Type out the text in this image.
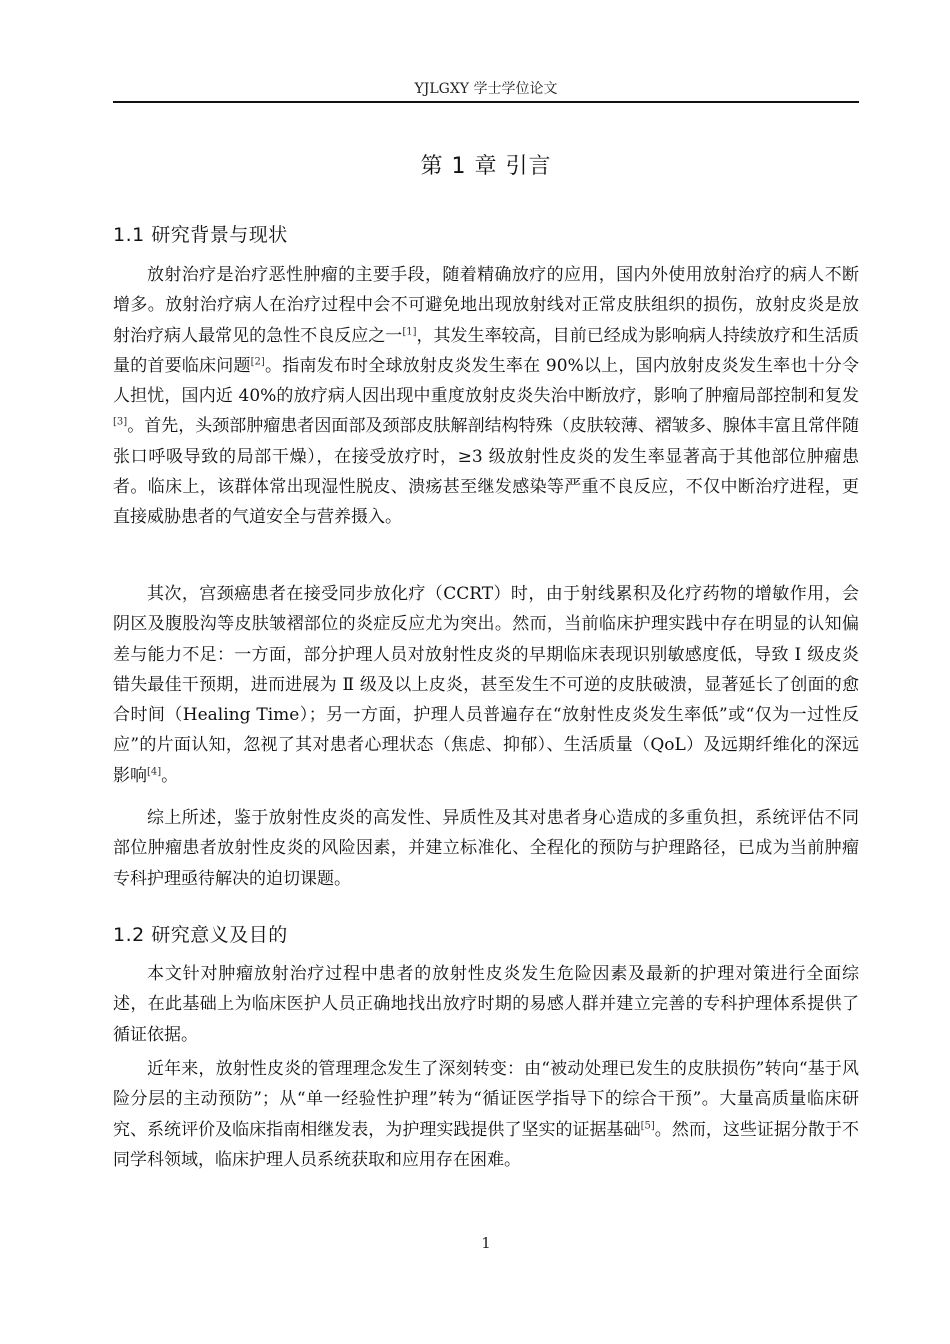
YJLGXY 学士学位论文
第 1 章 引言
1.1 研究背景与现状

放射治疗是治疗恶性肿瘤的主要手段，随着精确放疗的应用，国内外使用放射治疗的病人不断增多。放射治疗病人在治疗过程中会不可避免地出现放射线对正常皮肤组织的损伤，放射皮炎是放射治疗病人最常见的急性不良反应之一[1]，其发生率较高，目前已经成为影响病人持续放疗和生活质量的首要临床问题[2]。指南发布时全球放射皮炎发生率在 90%以上，国内放射皮炎发生率也十分令人担忧，国内近 40%的放疗病人因出现中重度放射皮炎失治中断放疗，影响了肿瘤局部控制和复发[3]。首先，头颈部肿瘤患者因面部及颈部皮肤解剖结构特殊（皮肤较薄、褶皱多、腺体丰富且常伴随张口呼吸导致的局部干燥），在接受放疗时，≥3 级放射性皮炎的发生率显著高于其他部位肿瘤患者。临床上，该群体常出现湿性脱皮、溃疡甚至继发感染等严重不良反应，不仅中断治疗进程，更直接威胁患者的气道安全与营养摄入。

其次，宫颈癌患者在接受同步放化疗（CCRT）时，由于射线累积及化疗药物的增敏作用，会阴区及腹股沟等皮肤皱褶部位的炎症反应尤为突出。然而，当前临床护理实践中存在明显的认知偏差与能力不足：一方面，部分护理人员对放射性皮炎的早期临床表现识别敏感度低，导致 Ⅰ 级皮炎错失最佳干预期，进而进展为 Ⅱ 级及以上皮炎，甚至发生不可逆的皮肤破溃，显著延长了创面的愈合时间（Healing Time）；另一方面，护理人员普遍存在“放射性皮炎发生率低”或“仅为一过性反应”的片面认知，忽视了其对患者心理状态（焦虑、抑郁）、生活质量（QoL）及远期纤维化的深远影响[4]。

综上所述，鉴于放射性皮炎的高发性、异质性及其对患者身心造成的多重负担，系统评估不同部位肿瘤患者放射性皮炎的风险因素，并建立标准化、全程化的预防与护理路径，已成为当前肿瘤专科护理亟待解决的迫切课题。

1.2 研究意义及目的

本文针对肿瘤放射治疗过程中患者的放射性皮炎发生危险因素及最新的护理对策进行全面综述，在此基础上为临床医护人员正确地找出放疗时期的易感人群并建立完善的专科护理体系提供了循证依据。

近年来，放射性皮炎的管理理念发生了深刻转变：由“被动处理已发生的皮肤损伤”转向“基于风险分层的主动预防”；从“单一经验性护理”转为“循证医学指导下的综合干预”。大量高质量临床研究、系统评价及临床指南相继发表，为护理实践提供了坚实的证据基础[5]。然而，这些证据分散于不同学科领域，临床护理人员系统获取和应用存在困难。

1
